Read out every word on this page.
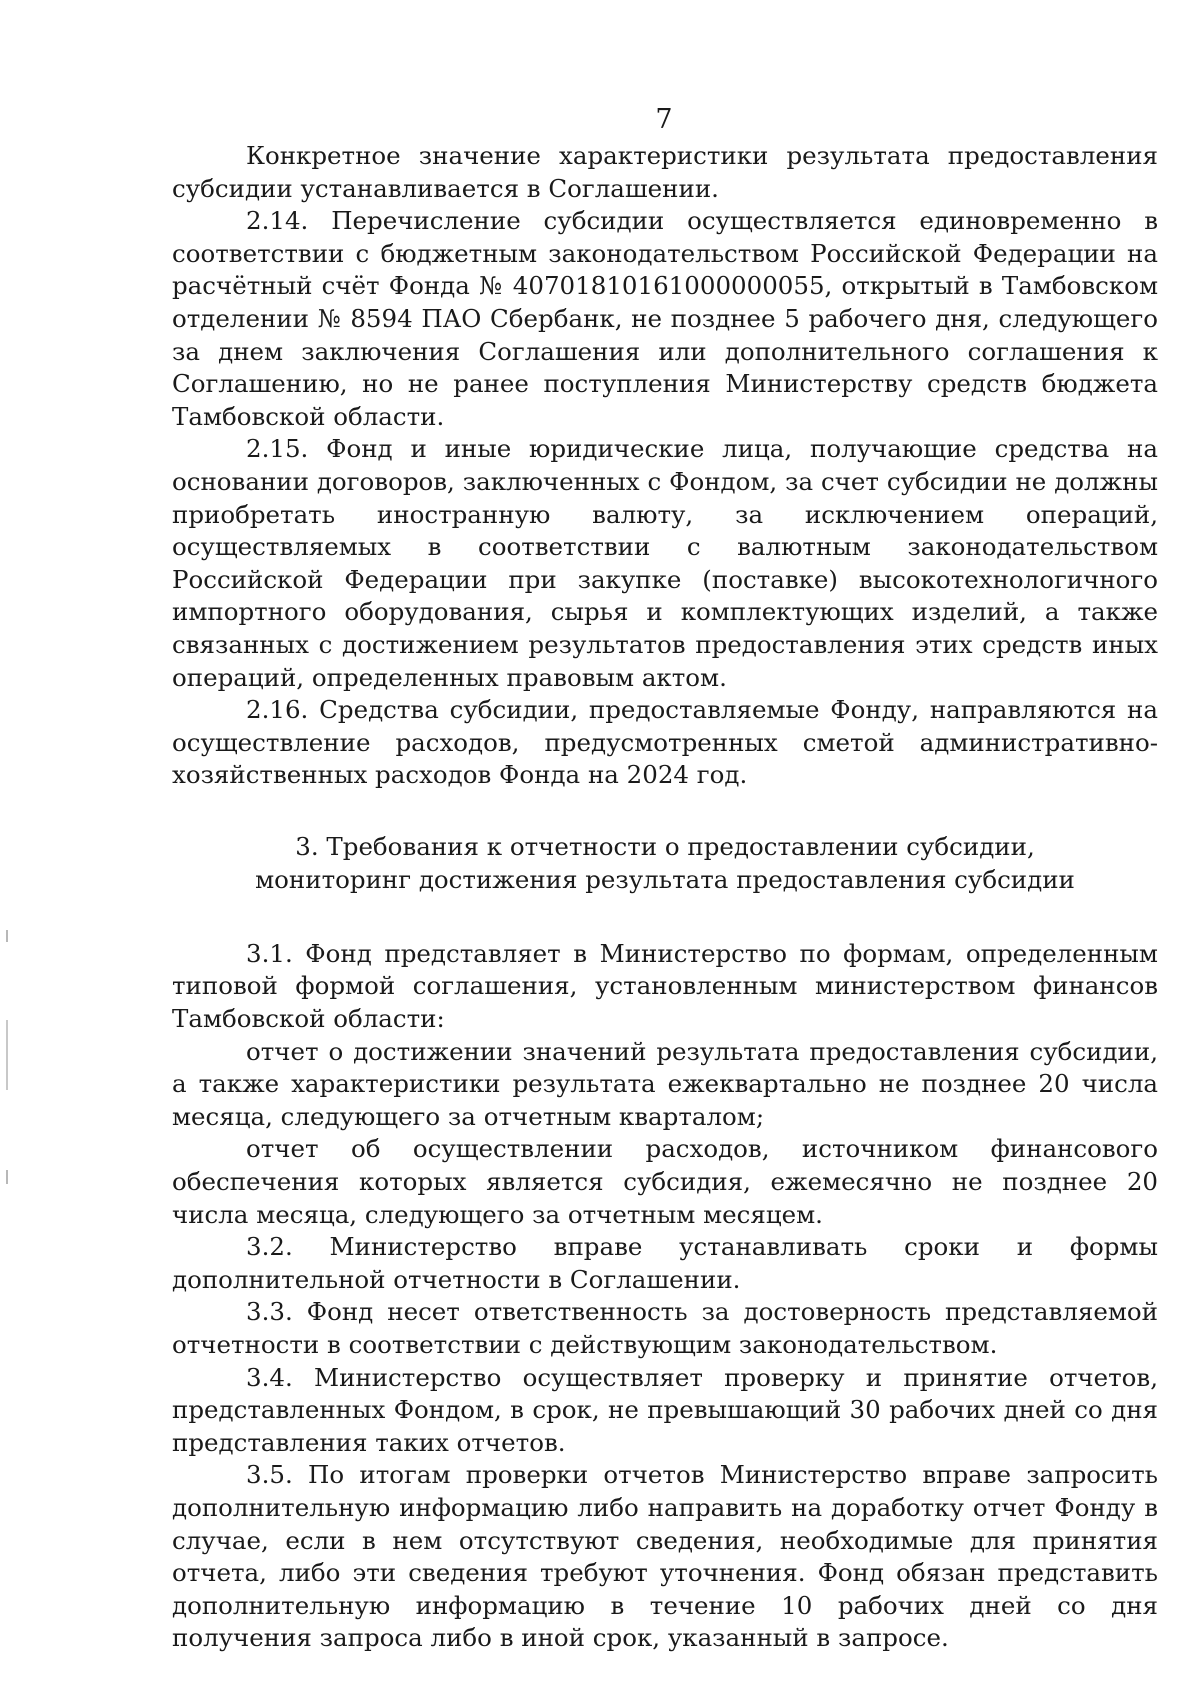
7

Конкретное значение характеристики результата предоставления субсидии устанавливается в Соглашении.

2.14. Перечисление субсидии осуществляется единовременно в соответствии с бюджетным законодательством Российской Федерации на расчётный счёт Фонда № 40701810161000000055, открытый в Тамбовском отделении № 8594 ПАО Сбербанк, не позднее 5 рабочего дня, следующего за днем заключения Соглашения или дополнительного соглашения к Соглашению, но не ранее поступления Министерству средств бюджета Тамбовской области.

2.15. Фонд и иные юридические лица, получающие средства на основании договоров, заключенных с Фондом, за счет субсидии не должны приобретать иностранную валюту, за исключением операций, осуществляемых в соответствии с валютным законодательством Российской Федерации при закупке (поставке) высокотехнологичного импортного оборудования, сырья и комплектующих изделий, а также связанных с достижением результатов предоставления этих средств иных операций, определенных правовым актом.

2.16. Средства субсидии, предоставляемые Фонду, направляются на осуществление расходов, предусмотренных сметой административно-хозяйственных расходов Фонда на 2024 год.

3. Требования к отчетности о предоставлении субсидии,
мониторинг достижения результата предоставления субсидии

3.1. Фонд представляет в Министерство по формам, определенным типовой формой соглашения, установленным министерством финансов Тамбовской области:

отчет о достижении значений результата предоставления субсидии, а также характеристики результата ежеквартально не позднее 20 числа месяца, следующего за отчетным кварталом;

отчет об осуществлении расходов, источником финансового обеспечения которых является субсидия, ежемесячно не позднее 20 числа месяца, следующего за отчетным месяцем.

3.2. Министерство вправе устанавливать сроки и формы дополнительной отчетности в Соглашении.

3.3. Фонд несет ответственность за достоверность представляемой отчетности в соответствии с действующим законодательством.

3.4. Министерство осуществляет проверку и принятие отчетов, представленных Фондом, в срок, не превышающий 30 рабочих дней со дня представления таких отчетов.

3.5. По итогам проверки отчетов Министерство вправе запросить дополнительную информацию либо направить на доработку отчет Фонду в случае, если в нем отсутствуют сведения, необходимые для принятия отчета, либо эти сведения требуют уточнения. Фонд обязан представить дополнительную информацию в течение 10 рабочих дней со дня получения запроса либо в иной срок, указанный в запросе.
